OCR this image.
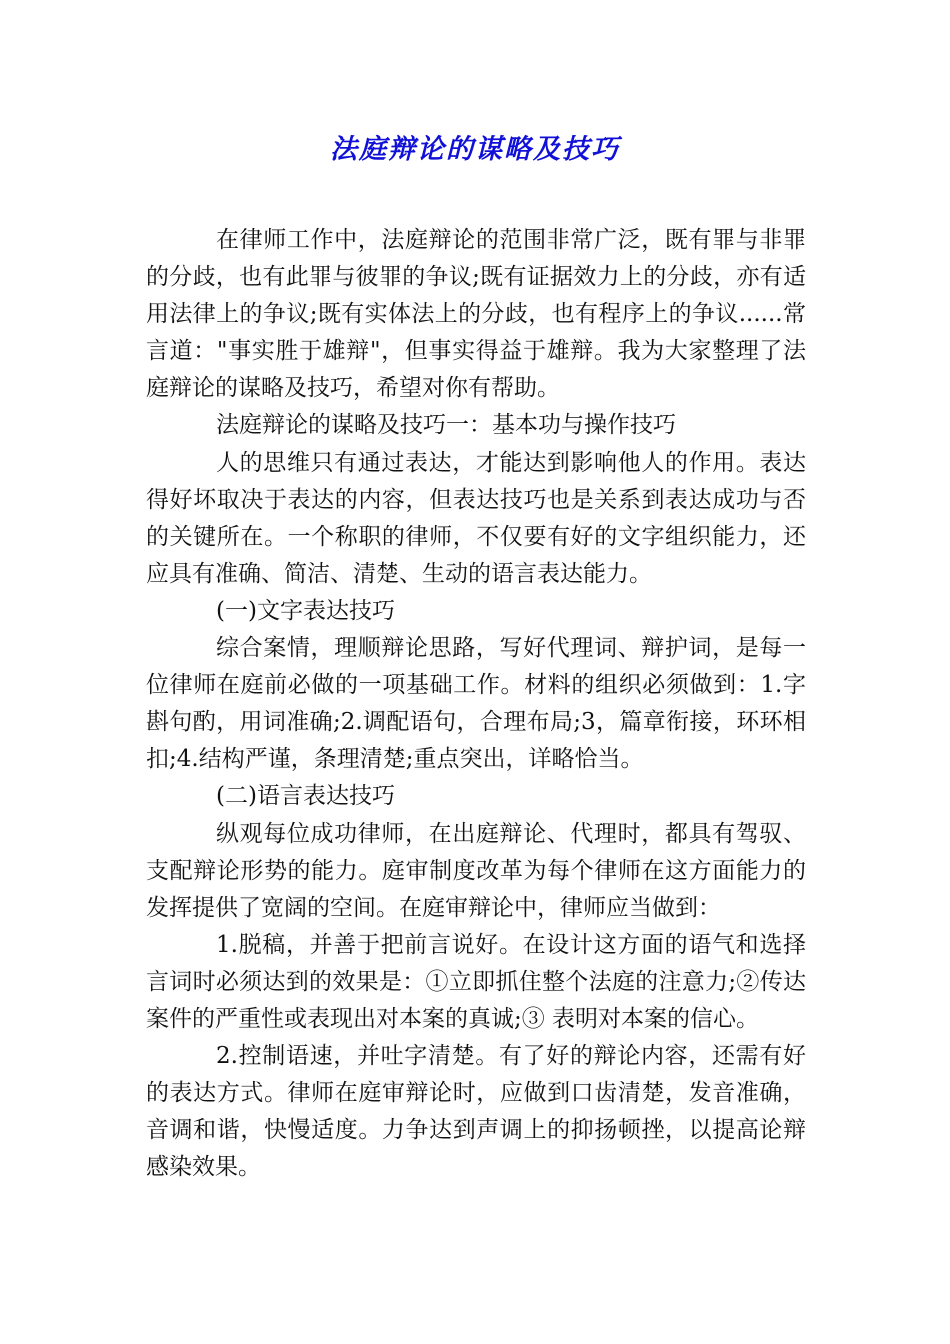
法庭辩论的谋略及技巧

在律师工作中，法庭辩论的范围非常广泛，既有罪与非罪的分歧，也有此罪与彼罪的争议;既有证据效力上的分歧，亦有适用法律上的争议;既有实体法上的分歧，也有程序上的争议......常言道："事实胜于雄辩"，但事实得益于雄辩。我为大家整理了法庭辩论的谋略及技巧，希望对你有帮助。

法庭辩论的谋略及技巧一：基本功与操作技巧

人的思维只有通过表达，才能达到影响他人的作用。表达得好坏取决于表达的内容，但表达技巧也是关系到表达成功与否的关键所在。一个称职的律师，不仅要有好的文字组织能力，还应具有准确、简洁、清楚、生动的语言表达能力。

(一)文字表达技巧

综合案情，理顺辩论思路，写好代理词、辩护词，是每一位律师在庭前必做的一项基础工作。材料的组织必须做到：1.字斟句酌，用词准确;2.调配语句，合理布局;3，篇章衔接，环环相扣;4.结构严谨，条理清楚;重点突出，详略恰当。

(二)语言表达技巧

纵观每位成功律师，在出庭辩论、代理时，都具有驾驭、支配辩论形势的能力。庭审制度改革为每个律师在这方面能力的发挥提供了宽阔的空间。在庭审辩论中，律师应当做到：

1.脱稿，并善于把前言说好。在设计这方面的语气和选择言词时必须达到的效果是：①立即抓住整个法庭的注意力;②传达案件的严重性或表现出对本案的真诚;③ 表明对本案的信心。

2.控制语速，并吐字清楚。有了好的辩论内容，还需有好的表达方式。律师在庭审辩论时，应做到口齿清楚，发音准确，音调和谐，快慢适度。力争达到声调上的抑扬顿挫，以提高论辩感染效果。
